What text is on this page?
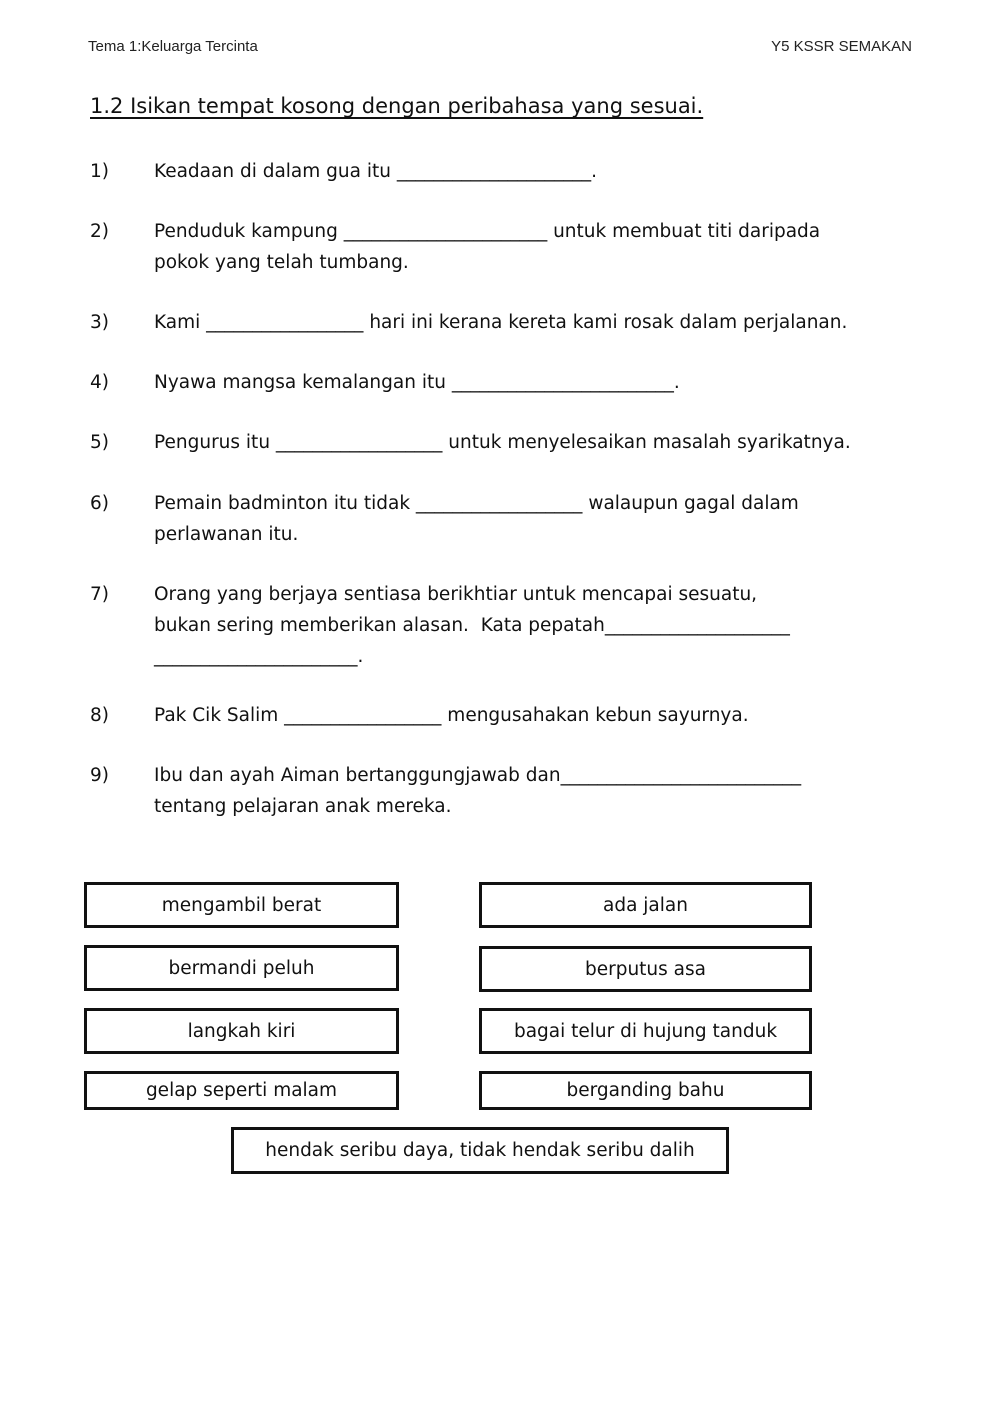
Tema 1:Keluarga Tercinta	Y5 KSSR SEMAKAN
1.2 Isikan tempat kosong dengan peribahasa yang sesuai.
1)	Keadaan di dalam gua itu _____________________.
2)	Penduduk kampung ______________________ untuk membuat titi daripada
pokok yang telah tumbang.
3)	Kami _________________ hari ini kerana kereta kami rosak dalam perjalanan.
4)	Nyawa mangsa kemalangan itu ________________________.
5)	Pengurus itu __________________ untuk menyelesaikan masalah syarikatnya.
6)	Pemain badminton itu tidak __________________ walaupun gagal dalam
perlawanan itu.
7)	Orang yang berjaya sentiasa berikhtiar untuk mencapai sesuatu,
bukan sering memberikan alasan.  Kata pepatah____________________
______________________.
8)	Pak Cik Salim _________________ mengusahakan kebun sayurnya.
9)	Ibu dan ayah Aiman bertanggungjawab dan__________________________
tentang pelajaran anak mereka.
mengambil berat	ada jalan
bermandi peluh	berputus asa
langkah kiri	bagai telur di hujung tanduk
gelap seperti malam	berganding bahu
hendak seribu daya, tidak hendak seribu dalih
